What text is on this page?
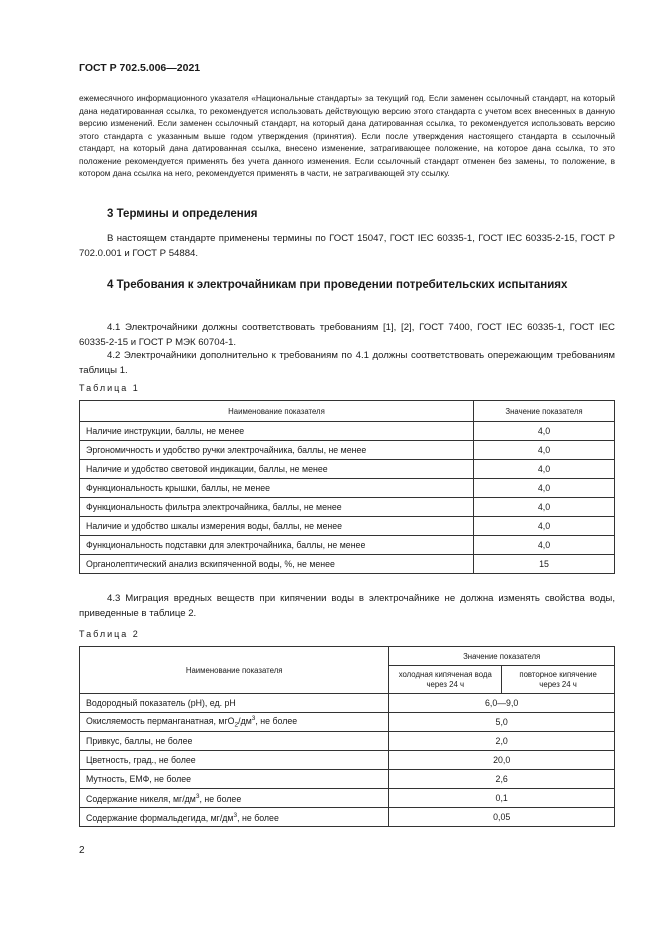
ГОСТ Р 702.5.006—2021
ежемесячного информационного указателя «Национальные стандарты» за текущий год. Если заменен ссылочный стандарт, на который дана недатированная ссылка, то рекомендуется использовать действующую версию этого стандарта с учетом всех внесенных в данную версию изменений. Если заменен ссылочный стандарт, на который дана датированная ссылка, то рекомендуется использовать версию этого стандарта с указанным выше годом утверждения (принятия). Если после утверждения настоящего стандарта в ссылочный стандарт, на который дана датированная ссылка, внесено изменение, затрагивающее положение, на которое дана ссылка, то это положение рекомендуется применять без учета данного изменения. Если ссылочный стандарт отменен без замены, то положение, в котором дана ссылка на него, рекомендуется применять в части, не затрагивающей эту ссылку.
3 Термины и определения
В настоящем стандарте применены термины по ГОСТ 15047, ГОСТ IEC 60335-1, ГОСТ IEC 60335-2-15, ГОСТ Р 702.0.001 и ГОСТ Р 54884.
4 Требования к электрочайникам при проведении потребительских испытаниях
4.1 Электрочайники должны соответствовать требованиям [1], [2], ГОСТ 7400, ГОСТ IEC 60335-1, ГОСТ IEC 60335-2-15 и ГОСТ Р МЭК 60704-1.
4.2 Электрочайники дополнительно к требованиям по 4.1 должны соответствовать опережающим требованиям таблицы 1.
Таблица 1
Наименование показателя	Значение показателя
Наличие инструкции, баллы, не менее	4,0
Эргономичность и удобство ручки электрочайника, баллы, не менее	4,0
Наличие и удобство световой индикации, баллы, не менее	4,0
Функциональность крышки, баллы, не менее	4,0
Функциональность фильтра электрочайника, баллы, не менее	4,0
Наличие и удобство шкалы измерения воды, баллы, не менее	4,0
Функциональность подставки для электрочайника, баллы, не менее	4,0
Органолептический анализ вскипяченной воды, %, не менее	15
4.3 Миграция вредных веществ при кипячении воды в электрочайнике не должна изменять свойства воды, приведенные в таблице 2.
Таблица 2
Наименование показателя	Значение показателя	
	холодная кипяченая вода через 24 ч	повторное кипячение через 24 ч
Водородный показатель (рН), ед. рН	6,0—9,0	
Окисляемость перманганатная, $мгО_2/дм^3$, не более	5,0	
Привкус, баллы, не более	2,0	
Цветность, град., не более	20,0	
Мутность, ЕМФ, не более	2,6	
Содержание никеля, $мг/дм^3$, не более	0,1	
Содержание формальдегида, $мг/дм^3$, не более	0,05	
2
